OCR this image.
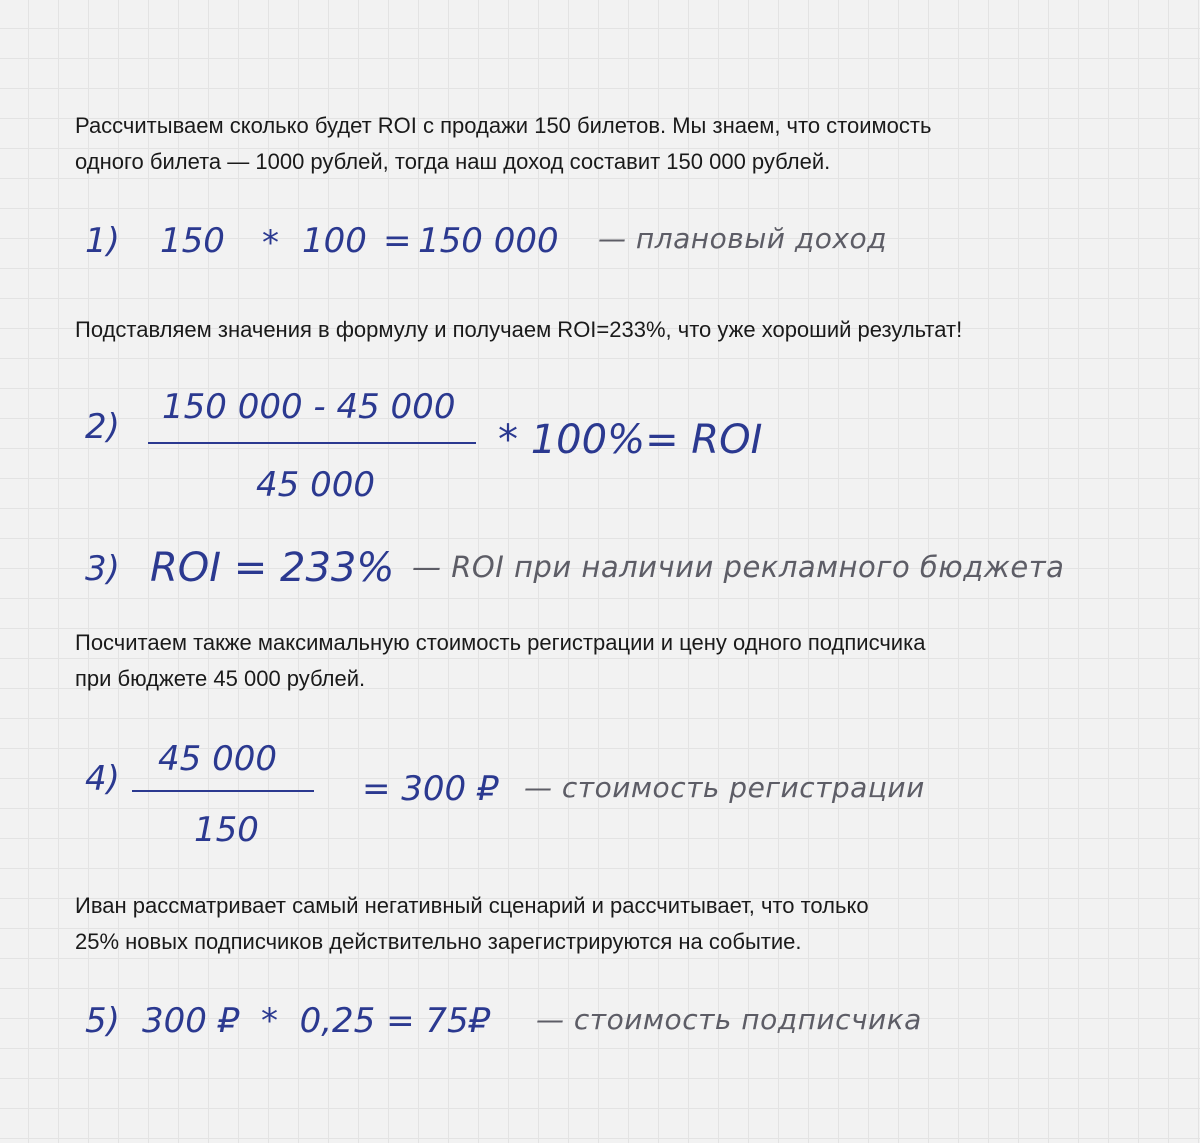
Рассчитываем сколько будет ROI с продажи 150 билетов. Мы знаем, что стоимость
одного билета — 1000 рублей, тогда наш доход составит 150 000 рублей.
1) 150 * 100 = 150 000 — плановый доход
Подставляем значения в формулу и получаем ROI=233%, что уже хороший результат!
2) 150 000 - 45 000
45 000
* 100%= ROI
3) ROI = 233% — ROI при наличии рекламного бюджета
Посчитаем также максимальную стоимость регистрации и цену одного подписчика
при бюджете 45 000 рублей.
4) 45 000
150
= 300 ₽ — стоимость регистрации
Иван рассматривает самый негативный сценарий и рассчитывает, что только
25% новых подписчиков действительно зарегистрируются на событие.
5) 300 ₽  *  0,25 = 75₽ — стоимость подписчика
